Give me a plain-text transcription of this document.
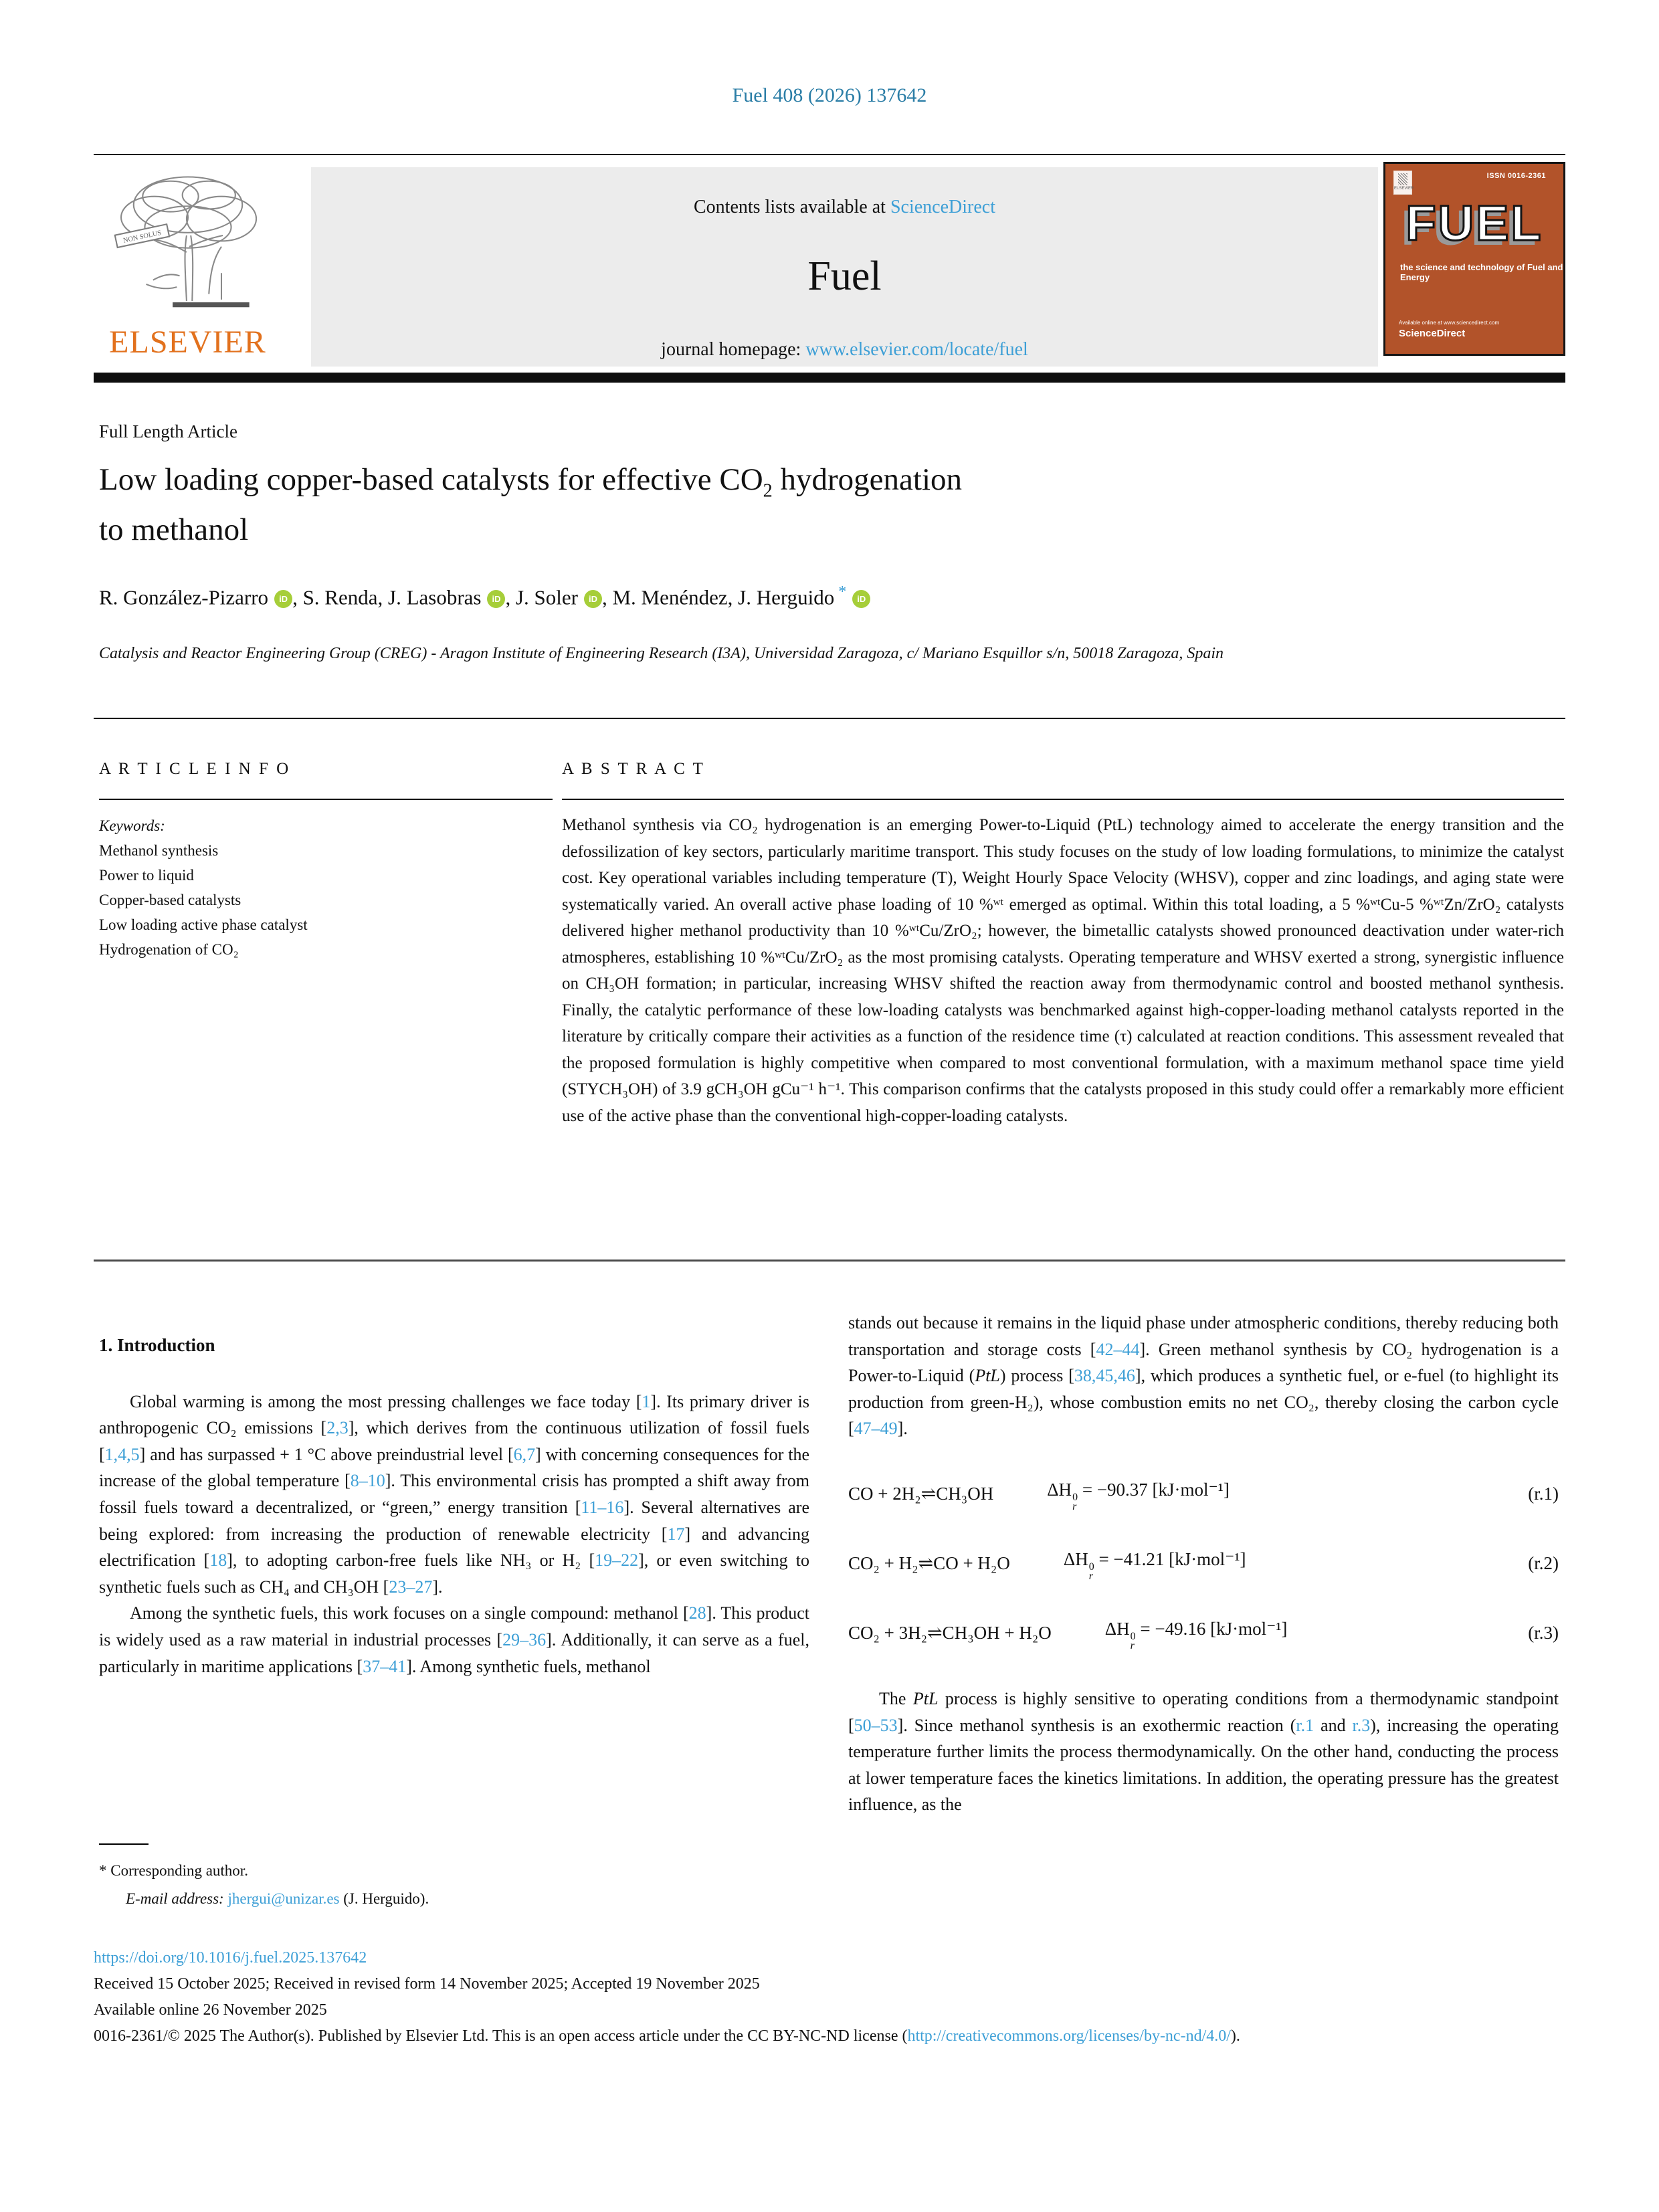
Fuel 408 (2026) 137642
NON SOLUS
ELSEVIER
Contents lists available at ScienceDirect
Fuel
journal homepage: www.elsevier.com/locate/fuel
ISSN 0016-2361
ELSEVIER
FUEL
the science and technology of Fuel and Energy
Available online at www.sciencedirect.com
ScienceDirect
Full Length Article
Low loading copper-based catalysts for effective $CO_2$ hydrogenation
to methanol
R. González-Pizarro iD , S. Renda, J. Lasobras iD , J. Soler iD , M. Menéndez, J. Herguido * iD
Catalysis and Reactor Engineering Group (CREG) - Aragon Institute of Engineering Research (I3A), Universidad Zaragoza, c/ Mariano Esquillor s/n, 50018 Zaragoza, Spain
A R T I C L E I N F O
Keywords:
Methanol synthesis
Power to liquid
Copper-based catalysts
Low loading active phase catalyst
Hydrogenation of CO₂
A B S T R A C T
Methanol synthesis via CO₂ hydrogenation is an emerging Power-to-Liquid (PtL) technology aimed to accelerate the energy transition and the defossilization of key sectors, particularly maritime transport. This study focuses on the study of low loading formulations, to minimize the catalyst cost. Key operational variables including temperature (T), Weight Hourly Space Velocity (WHSV), copper and zinc loadings, and aging state were systematically varied. An overall active phase loading of 10 %ʷᵗ emerged as optimal. Within this total loading, a 5 %ʷᵗCu-5 %ʷᵗZn/ZrO₂ catalysts delivered higher methanol productivity than 10 %ʷᵗCu/ZrO₂; however, the bimetallic catalysts showed pronounced deactivation under water-rich atmospheres, establishing 10 %ʷᵗCu/ZrO₂ as the most promising catalysts. Operating temperature and WHSV exerted a strong, synergistic influence on CH₃OH formation; in particular, increasing WHSV shifted the reaction away from thermodynamic control and boosted methanol synthesis. Finally, the catalytic performance of these low-loading catalysts was benchmarked against high-copper-loading methanol catalysts reported in the literature by critically compare their activities as a function of the residence time (τ) calculated at reaction conditions. This assessment revealed that the proposed formulation is highly competitive when compared to most conventional formulation, with a maximum methanol space time yield (STYCH₃OH) of 3.9 gCH₃OH gCu⁻¹ h⁻¹. This comparison confirms that the catalysts proposed in this study could offer a remarkably more efficient use of the active phase than the conventional high-copper-loading catalysts.
1. Introduction

Global warming is among the most pressing challenges we face today [1]. Its primary driver is anthropogenic CO₂ emissions [2,3], which derives from the continuous utilization of fossil fuels [1,4,5] and has surpassed + 1 °C above preindustrial level [6,7] with concerning consequences for the increase of the global temperature [8–10]. This environmental crisis has prompted a shift away from fossil fuels toward a decentralized, or “green,” energy transition [11–16]. Several alternatives are being explored: from increasing the production of renewable electricity [17] and advancing electrification [18], to adopting carbon-free fuels like NH₃ or H₂ [19–22], or even switching to synthetic fuels such as CH₄ and CH₃OH [23–27].

Among the synthetic fuels, this work focuses on a single compound: methanol [28]. This product is widely used as a raw material in industrial processes [29–36]. Additionally, it can serve as a fuel, particularly in maritime applications [37–41]. Among synthetic fuels, methanol

stands out because it remains in the liquid phase under atmospheric conditions, thereby reducing both transportation and storage costs [42–44]. Green methanol synthesis by CO₂ hydrogenation is a Power-to-Liquid (PtL) process [38,45,46], which produces a synthetic fuel, or e-fuel (to highlight its production from green-H₂), whose combustion emits no net CO₂, thereby closing the carbon cycle [47–49].

CO + 2H₂⇌CH₃OH	ΔH 0
r
= −90.37 [kJ·mol⁻¹]	(r.1)
CO₂ + H₂⇌CO + H₂O	ΔH 0
r
= −41.21 [kJ·mol⁻¹]	(r.2)
CO₂ + 3H₂⇌CH₃OH + H₂O	ΔH 0
r
= −49.16 [kJ·mol⁻¹]	(r.3)

The PtL process is highly sensitive to operating conditions from a thermodynamic standpoint [50–53]. Since methanol synthesis is an exothermic reaction (r.1 and r.3), increasing the operating temperature further limits the process thermodynamically. On the other hand, conducting the process at lower temperature faces the kinetics limitations. In addition, the operating pressure has the greatest influence, as the

* Corresponding author.
E-mail address: jhergui@unizar.es (J. Herguido).
https://doi.org/10.1016/j.fuel.2025.137642
Received 15 October 2025; Received in revised form 14 November 2025; Accepted 19 November 2025
Available online 26 November 2025
0016-2361/© 2025 The Author(s). Published by Elsevier Ltd. This is an open access article under the CC BY-NC-ND license (http://creativecommons.org/licenses/by-nc-nd/4.0/).
